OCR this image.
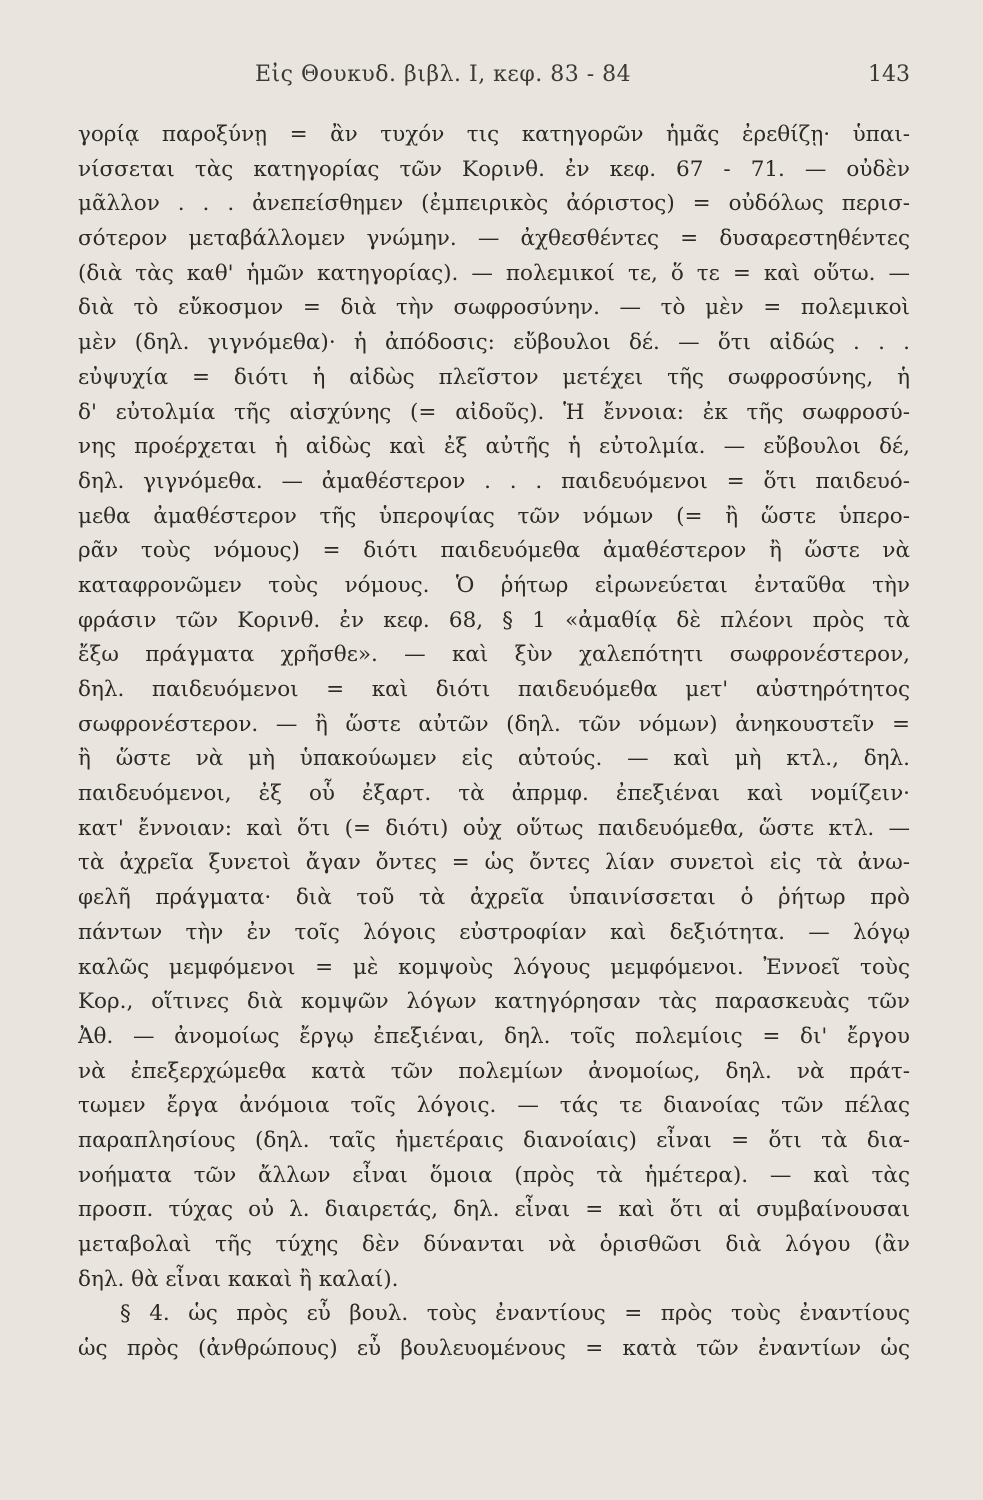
Εἰς Θουκυδ. βιβλ. Ι, κεφ. 83 - 84	143
γορίᾳ παροξύνῃ = ἂν τυχόν τις κατηγορῶν ἡμᾶς ἐρεθίζῃ· ὑπαι-
νίσσεται τὰς κατηγορίας τῶν Κορινθ. ἐν κεφ. 67 - 71. — οὐδὲν
μᾶλλον . . . ἀνεπείσθημεν (ἐμπειρικὸς ἀόριστος) = οὐδόλως περισ-
σότερον μεταβάλλομεν γνώμην. — ἀχθεσθέντες = δυσαρεστηθέντες
(διὰ τὰς καθ' ἡμῶν κατηγορίας). — πολεμικοί τε, ὅ τε = καὶ οὕτω. —
διὰ τὸ εὔκοσμον = διὰ τὴν σωφροσύνην. — τὸ μὲν = πολεμικοὶ
μὲν (δηλ. γιγνόμεθα)· ἡ ἀπόδοσις: εὔβουλοι δέ. — ὅτι αἰδώς . . .
εὐψυχία = διότι ἡ αἰδὼς πλεῖστον μετέχει τῆς σωφροσύνης, ἡ
δ' εὐτολμία τῆς αἰσχύνης (= αἰδοῦς). Ἡ ἔννοια: ἐκ τῆς σωφροσύ-
νης προέρχεται ἡ αἰδὼς καὶ ἐξ αὐτῆς ἡ εὐτολμία. — εὔβουλοι δέ,
δηλ. γιγνόμεθα. — ἀμαθέστερον . . . παιδευόμενοι = ὅτι παιδευό-
μεθα ἀμαθέστερον τῆς ὑπεροψίας τῶν νόμων (= ἢ ὥστε ὑπερο-
ρᾶν τοὺς νόμους) = διότι παιδευόμεθα ἀμαθέστερον ἢ ὥστε νὰ
καταφρονῶμεν τοὺς νόμους. Ὁ ῥήτωρ εἰρωνεύεται ἐνταῦθα τὴν
φράσιν τῶν Κορινθ. ἐν κεφ. 68, § 1 «ἀμαθίᾳ δὲ πλέονι πρὸς τὰ
ἔξω πράγματα χρῆσθε». — καὶ ξὺν χαλεπότητι σωφρονέστερον,
δηλ. παιδευόμενοι = καὶ διότι παιδευόμεθα μετ' αὐστηρότητος
σωφρονέστερον. — ἢ ὥστε αὐτῶν (δηλ. τῶν νόμων) ἀνηκουστεῖν =
ἢ ὥστε νὰ μὴ ὑπακούωμεν εἰς αὐτούς. — καὶ μὴ κτλ., δηλ.
παιδευόμενοι, ἐξ οὗ ἐξαρτ. τὰ ἀπρμφ. ἐπεξιέναι καὶ νομίζειν·
κατ' ἔννοιαν: καὶ ὅτι (= διότι) οὐχ οὕτως παιδευόμεθα, ὥστε κτλ. —
τὰ ἀχρεῖα ξυνετοὶ ἄγαν ὄντες = ὡς ὄντες λίαν συνετοὶ εἰς τὰ ἀνω-
φελῆ πράγματα· διὰ τοῦ τὰ ἀχρεῖα ὑπαινίσσεται ὁ ῥήτωρ πρὸ
πάντων τὴν ἐν τοῖς λόγοις εὐστροφίαν καὶ δεξιότητα. — λόγῳ
καλῶς μεμφόμενοι = μὲ κομψοὺς λόγους μεμφόμενοι. Ἐννοεῖ τοὺς
Κορ., οἵτινες διὰ κομψῶν λόγων κατηγόρησαν τὰς παρασκευὰς τῶν
Ἀθ. — ἀνομοίως ἔργῳ ἐπεξιέναι, δηλ. τοῖς πολεμίοις = δι' ἔργου
νὰ ἐπεξερχώμεθα κατὰ τῶν πολεμίων ἀνομοίως, δηλ. νὰ πράτ-
τωμεν ἔργα ἀνόμοια τοῖς λόγοις. — τάς τε διανοίας τῶν πέλας
παραπλησίους (δηλ. ταῖς ἡμετέραις διανοίαις) εἶναι = ὅτι τὰ δια-
νοήματα τῶν ἄλλων εἶναι ὅμοια (πρὸς τὰ ἡμέτερα). — καὶ τὰς
προσπ. τύχας οὐ λ. διαιρετάς, δηλ. εἶναι = καὶ ὅτι αἱ συμβαίνουσαι
μεταβολαὶ τῆς τύχης δὲν δύνανται νὰ ὁρισθῶσι διὰ λόγου (ἂν
δηλ. θὰ εἶναι κακαὶ ἢ καλαί).
§ 4. ὡς πρὸς εὖ βουλ. τοὺς ἐναντίους = πρὸς τοὺς ἐναντίους
ὡς πρὸς (ἀνθρώπους) εὖ βουλευομένους = κατὰ τῶν ἐναντίων ὡς
